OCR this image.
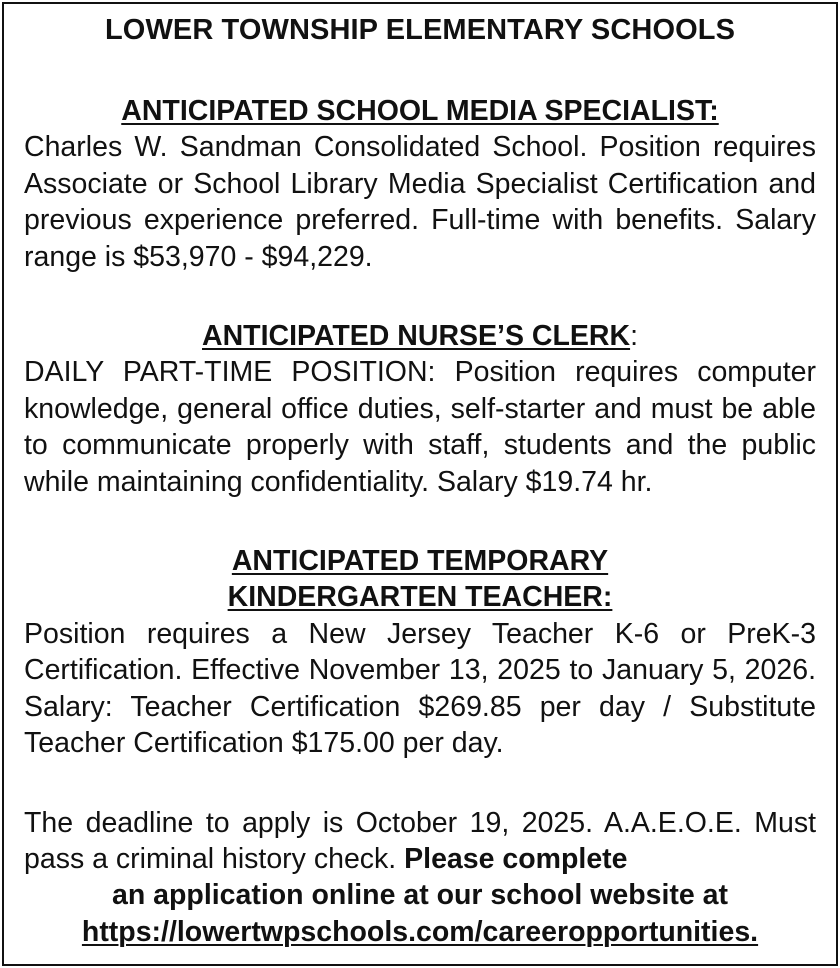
LOWER TOWNSHIP ELEMENTARY SCHOOLS

ANTICIPATED SCHOOL MEDIA SPECIALIST:

Charles W. Sandman Consolidated School. Position requires Associate or School Library Media Specialist Certification and previous experience preferred. Full-time with benefits. Salary range is $53,970 - $94,229.

ANTICIPATED NURSE’S CLERK:

DAILY PART-TIME POSITION: Position requires computer knowledge, general office duties, self-starter and must be able to communicate properly with staff, students and the public while maintaining confidentiality. Salary $19.74 hr.

ANTICIPATED TEMPORARY
KINDERGARTEN TEACHER:

Position requires a New Jersey Teacher K-6 or PreK-3 Certification. Effective November 13, 2025 to January 5, 2026. Salary: Teacher Certification $269.85 per day / Substitute Teacher Certification $175.00 per day.

The deadline to apply is October 19, 2025. A.A.E.O.E. Must pass a criminal history check. Please complete

an application online at our school website at
https://lowertwpschools.com/careeropportunities.
